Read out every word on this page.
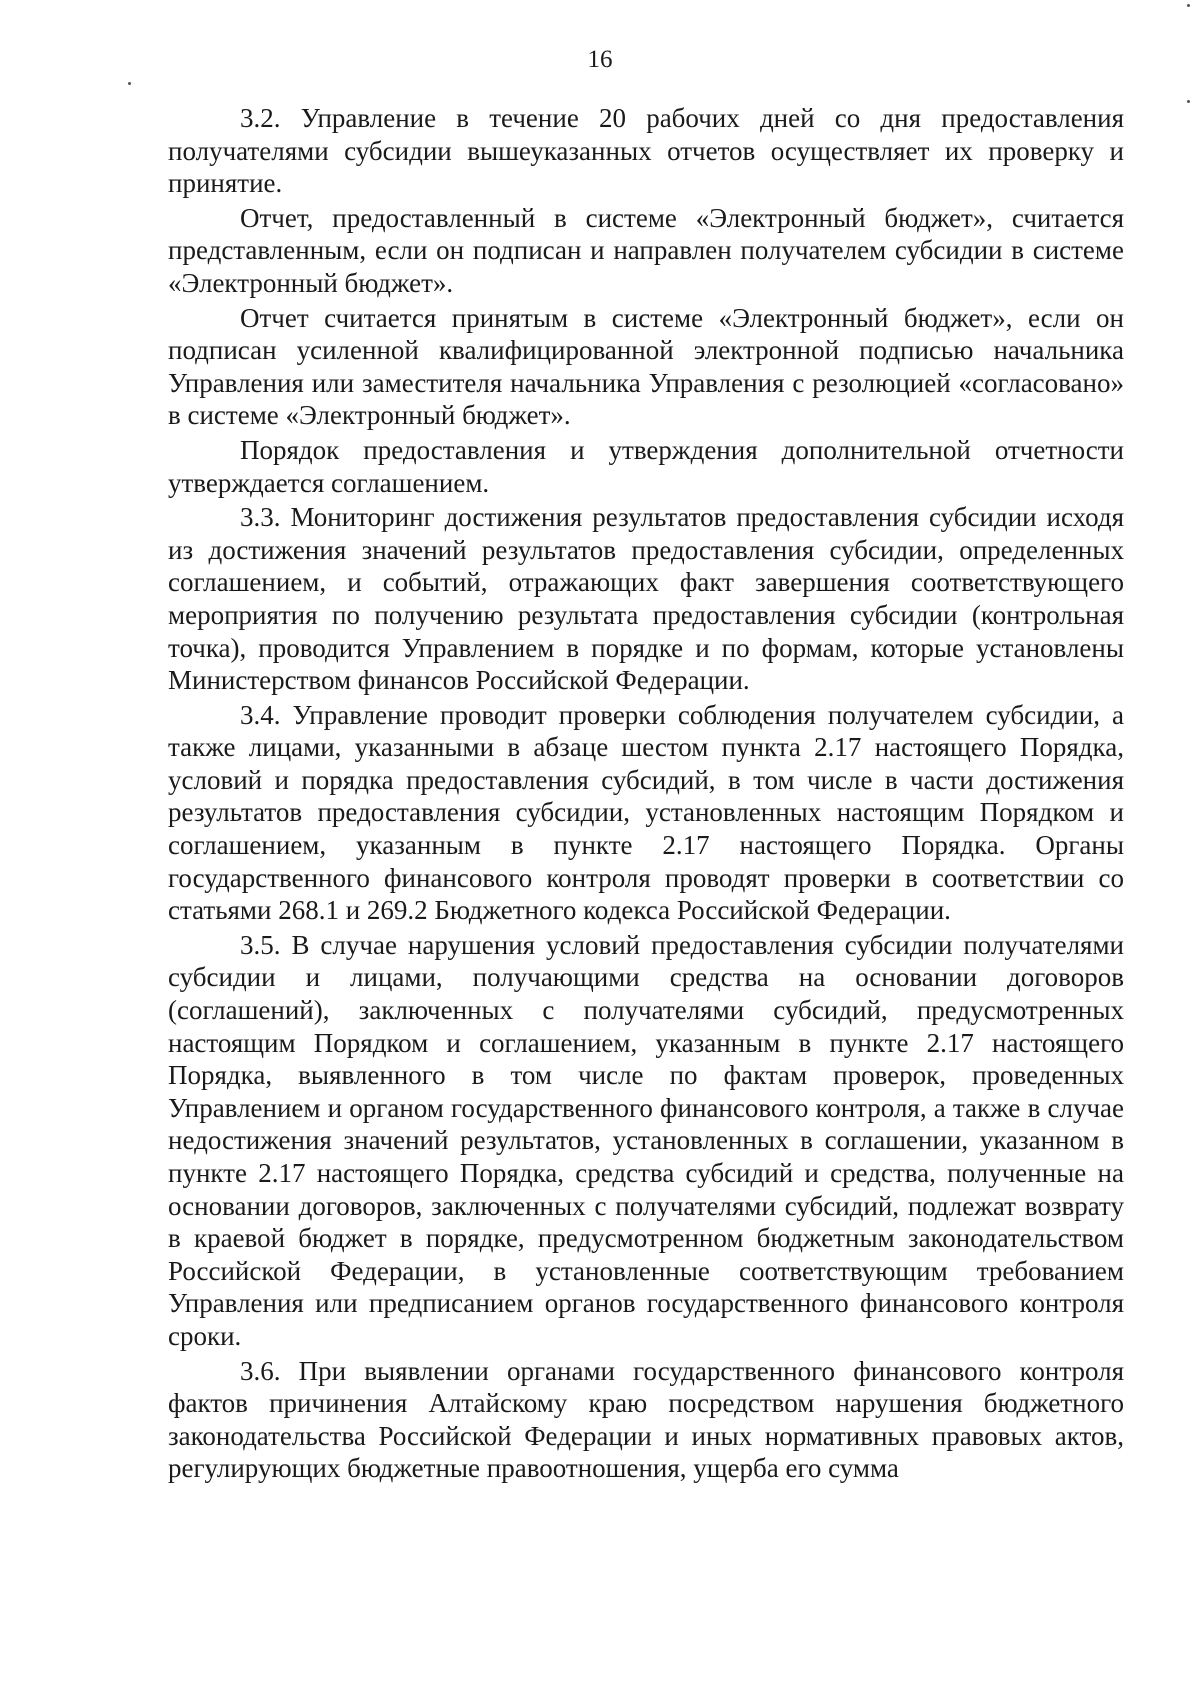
16

3.2. Управление в течение 20 рабочих дней со дня предоставления получателями субсидии вышеуказанных отчетов осуществляет их проверку и принятие.

Отчет, предоставленный в системе «Электронный бюджет», считается представленным, если он подписан и направлен получателем субсидии в системе «Электронный бюджет».

Отчет считается принятым в системе «Электронный бюджет», если он подписан усиленной квалифицированной электронной подписью начальника Управления или заместителя начальника Управления с резолюцией «согласовано» в системе «Электронный бюджет».

Порядок предоставления и утверждения дополнительной отчетности утверждается соглашением.

3.3. Мониторинг достижения результатов предоставления субсидии исходя из достижения значений результатов предоставления субсидии, определенных соглашением, и событий, отражающих факт завершения соответствующего мероприятия по получению результата предоставления субсидии (контрольная точка), проводится Управлением в порядке и по формам, которые установлены Министерством финансов Российской Федерации.

3.4. Управление проводит проверки соблюдения получателем субсидии, а также лицами, указанными в абзаце шестом пункта 2.17 настоящего Порядка, условий и порядка предоставления субсидий, в том числе в части достижения результатов предоставления субсидии, установленных настоящим Порядком и соглашением, указанным в пункте 2.17 настоящего Порядка. Органы государственного финансового контроля проводят проверки в соответствии со статьями 268.1 и 269.2 Бюджетного кодекса Российской Федерации.

3.5. В случае нарушения условий предоставления субсидии получателями субсидии и лицами, получающими средства на основании договоров (соглашений), заключенных с получателями субсидий, предусмотренных настоящим Порядком и соглашением, указанным в пункте 2.17 настоящего Порядка, выявленного в том числе по фактам проверок, проведенных Управлением и органом государственного финансового контроля, а также в случае недостижения значений результатов, установленных в соглашении, указанном в пункте 2.17 настоящего Порядка, средства субсидий и средства, полученные на основании договоров, заключенных с получателями субсидий, подлежат возврату в краевой бюджет в порядке, предусмотренном бюджетным законодательством Российской Федерации, в установленные соответствующим требованием Управления или предписанием органов государственного финансового контроля сроки.

3.6. При выявлении органами государственного финансового контроля фактов причинения Алтайскому краю посредством нарушения бюджетного законодательства Российской Федерации и иных нормативных правовых актов, регулирующих бюджетные правоотношения, ущерба его сумма
